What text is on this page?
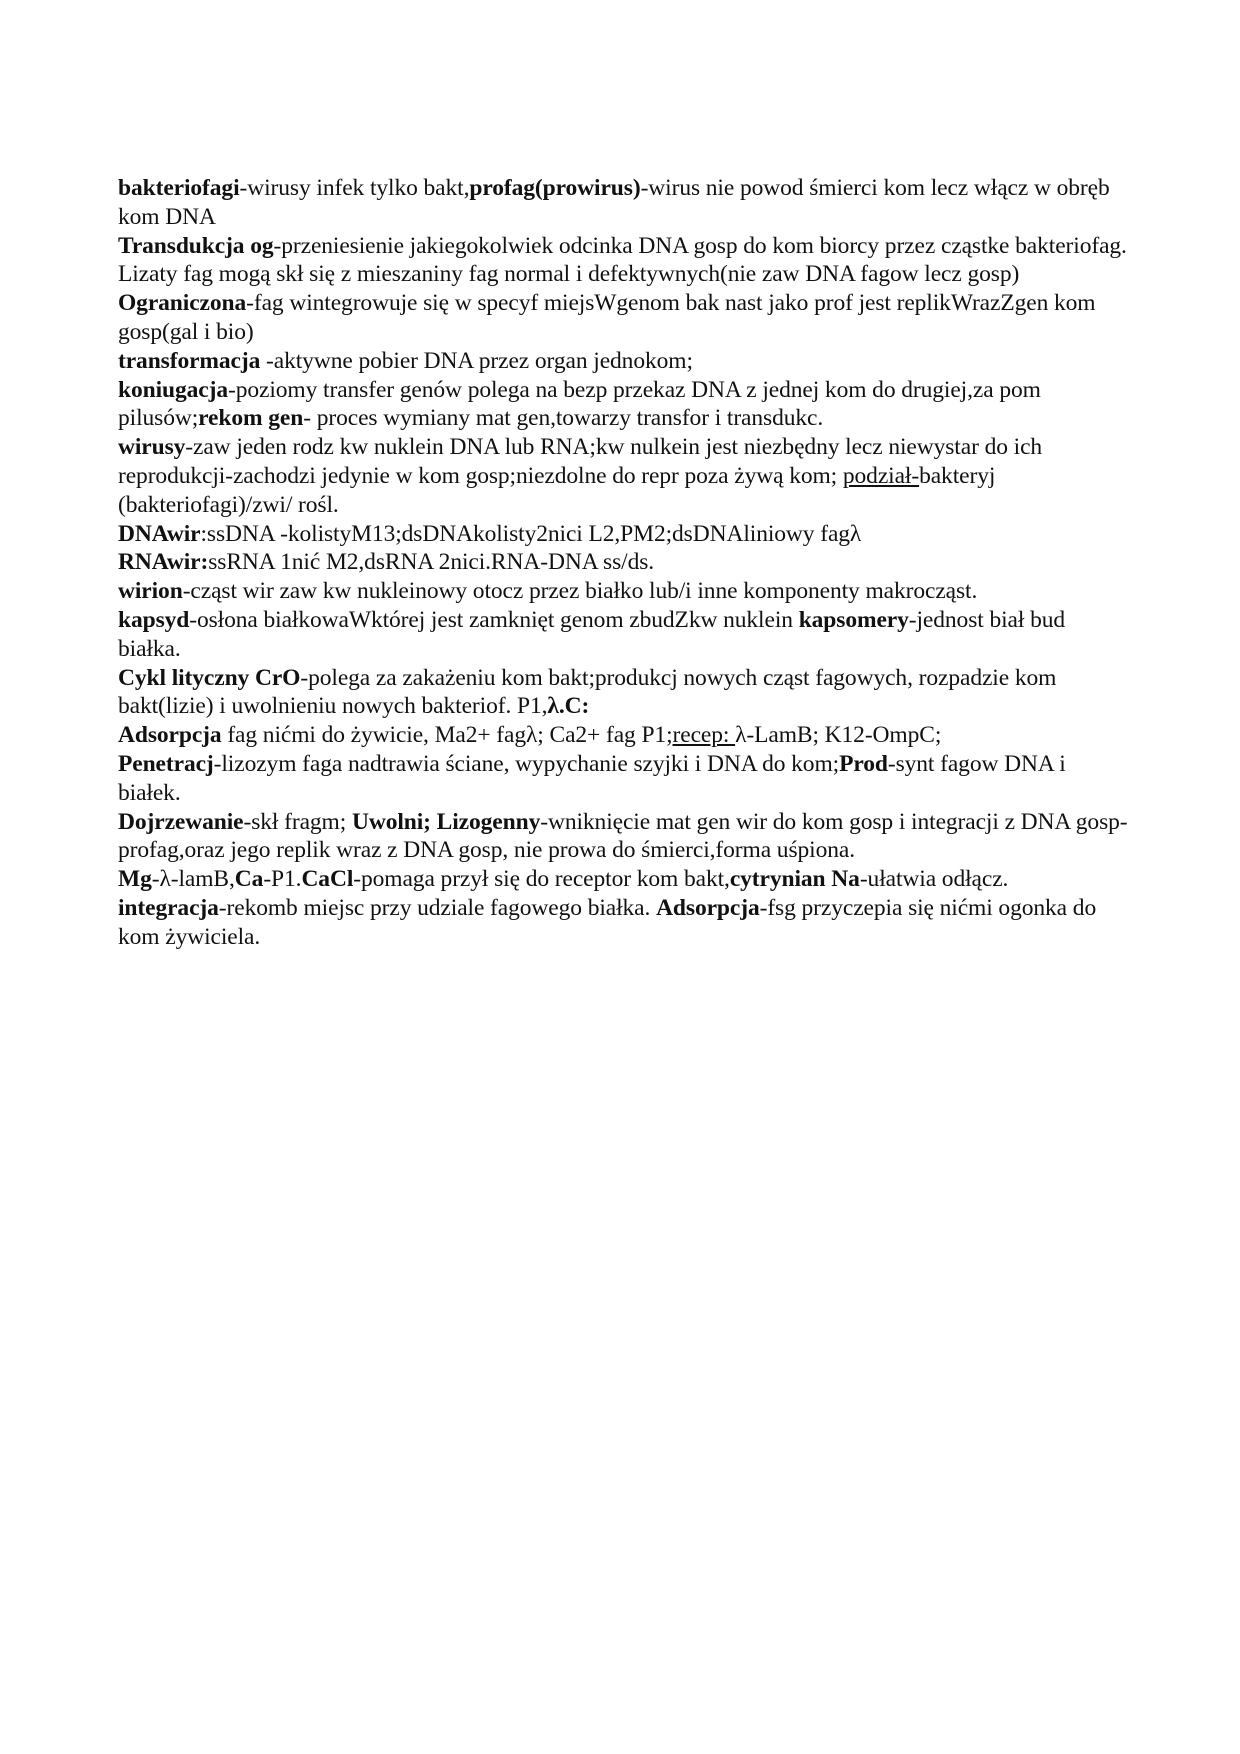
bakteriofagi-wirusy infek tylko bakt,profag(prowirus)-wirus nie powod śmierci kom lecz włącz w obręb kom DNA
Transdukcja og-przeniesienie jakiegokolwiek odcinka DNA gosp do kom biorcy przez cząstke bakteriofag. Lizaty fag mogą skł się z mieszaniny fag normal i defektywnych(nie zaw DNA fagow lecz gosp)
Ograniczona-fag wintegrowuje się w specyf miejsWgenom bak nast jako prof jest replikWrazZgen kom gosp(gal i bio)
transformacja -aktywne pobier DNA przez organ jednokom;
koniugacja-poziomy transfer genów polega na bezp przekaz DNA z jednej kom do drugiej,za pom pilusów;rekom gen- proces wymiany mat gen,towarzy transfor i transdukc.
wirusy-zaw jeden rodz kw nuklein DNA lub RNA;kw nulkein jest niezbędny lecz niewystar do ich reprodukcji-zachodzi jedynie w kom gosp;niezdolne do repr poza żywą kom; podział-bakteryj (bakteriofagi)/zwi/ rośl.
DNAwir:ssDNA -kolistyM13;dsDNAkolisty2nici L2,PM2;dsDNAliniowy fagλ
RNAwir:ssRNA 1nić M2,dsRNA 2nici.RNA-DNA ss/ds.
wirion-cząst wir zaw kw nukleinowy otocz przez białko lub/i inne komponenty makrocząst.
kapsyd-osłona białkowaWktórej jest zamknięt genom zbudZkw nuklein kapsomery-jednost biał bud białka.
Cykl lityczny CrO-polega za zakażeniu kom bakt;produkcj nowych cząst fagowych, rozpadzie kom bakt(lizie) i uwolnieniu nowych bakteriof. P1,λ.C:
Adsorpcja fag nićmi do żywicie, Ma2+ fagλ; Ca2+ fag P1;recep: λ-LamB; K12-OmpC;
Penetracj-lizozym faga nadtrawia ściane, wypychanie szyjki i DNA do kom;Prod-synt fagow DNA i białek.
Dojrzewanie-skł fragm; Uwolni; Lizogenny-wniknięcie mat gen wir do kom gosp i integracji z DNA gosp-profag,oraz jego replik wraz z DNA gosp, nie prowa do śmierci,forma uśpiona.
Mg-λ-lamB,Ca-P1.CaCl-pomaga przył się do receptor kom bakt,cytrynian Na-ułatwia odłącz.
integracja-rekomb miejsc przy udziale fagowego białka. Adsorpcja-fsg przyczepia się nićmi ogonka do kom żywiciela.
